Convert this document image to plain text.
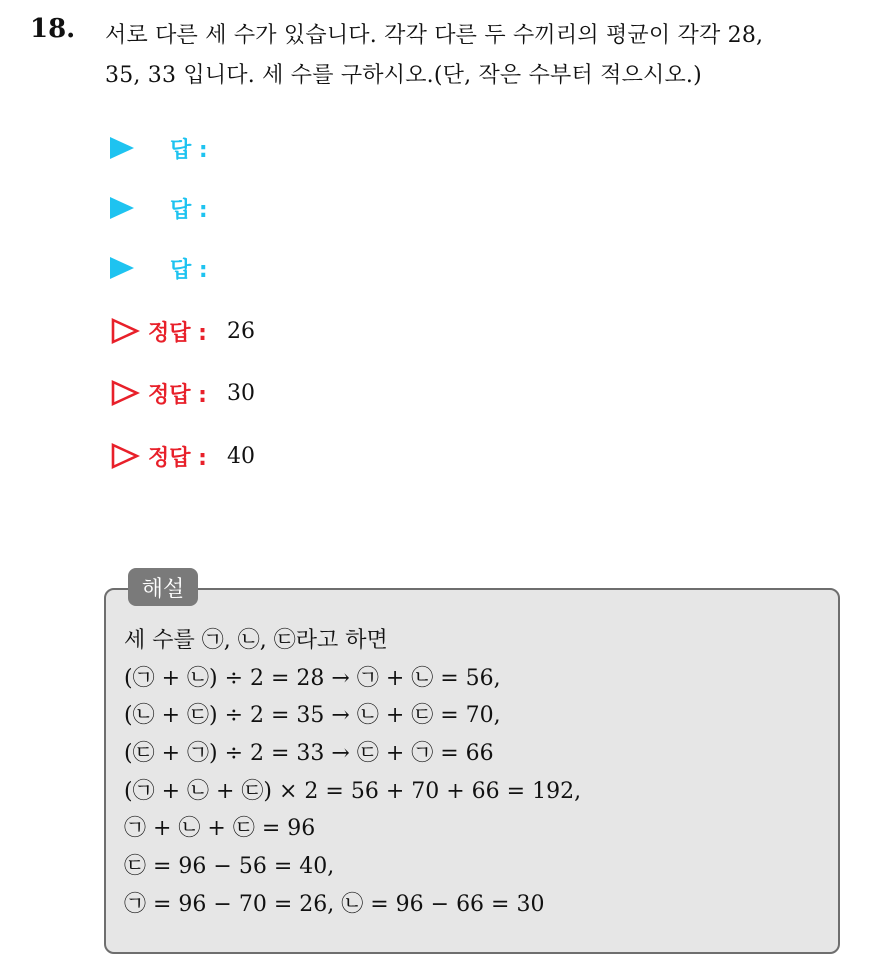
18. 서로 다른 세 수가 있습니다. 각각 다른 두 수끼리의 평균이 각각 28,
35, 33 입니다. 세 수를 구하시오.(단, 작은 수부터 적으시오.)
답 :
답 :
답 :
정답 : 26
정답 : 30
정답 : 40
해설
세 수를 ㉠, ㉡, ㉢라고 하면
(㉠ + ㉡) ÷ 2 = 28 → ㉠ + ㉡ = 56,
(㉡ + ㉢) ÷ 2 = 35 → ㉡ + ㉢ = 70,
(㉢ + ㉠) ÷ 2 = 33 → ㉢ + ㉠ = 66
(㉠ + ㉡ + ㉢) × 2 = 56 + 70 + 66 = 192,
㉠ + ㉡ + ㉢ = 96
㉢ = 96 − 56 = 40,
㉠ = 96 − 70 = 26, ㉡ = 96 − 66 = 30
